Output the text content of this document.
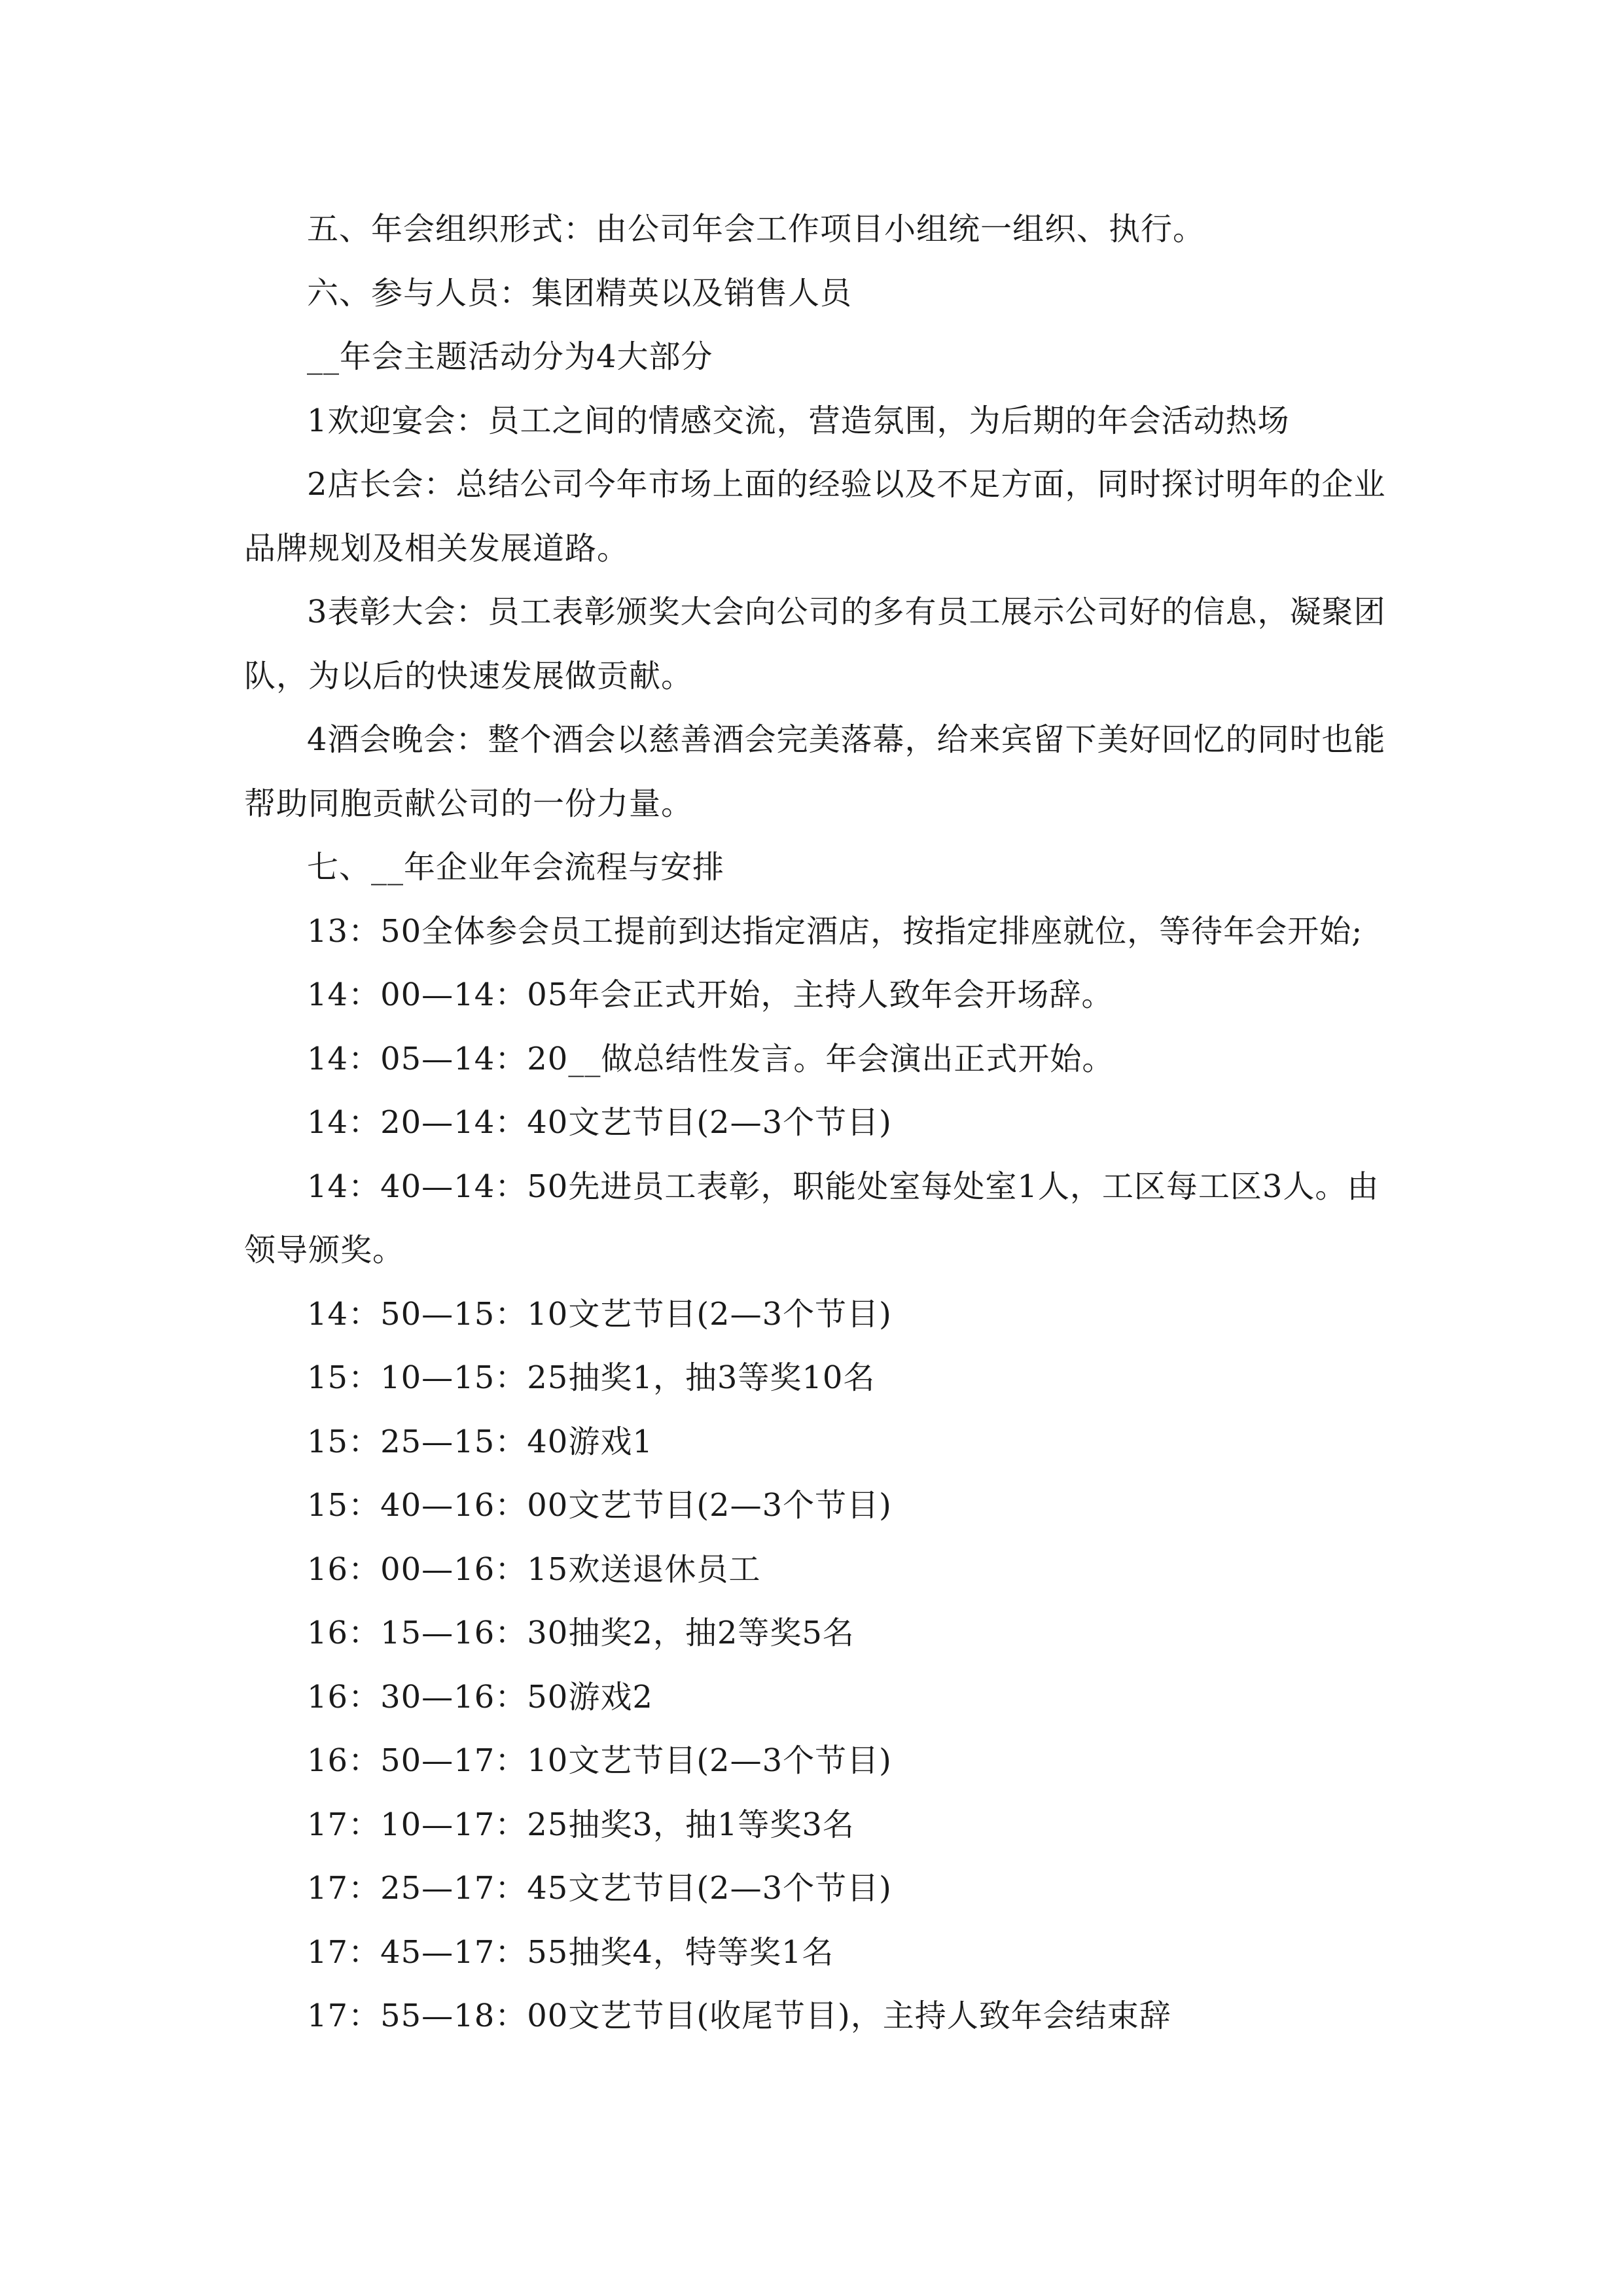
五、年会组织形式：由公司年会工作项目小组统一组织、执行。

六、参与人员：集团精英以及销售人员

__年会主题活动分为4大部分

1欢迎宴会：员工之间的情感交流，营造氛围，为后期的年会活动热场

2店长会：总结公司今年市场上面的经验以及不足方面，同时探讨明年的企业品牌规划及相关发展道路。

3表彰大会：员工表彰颁奖大会向公司的多有员工展示公司好的信息，凝聚团队，为以后的快速发展做贡献。

4酒会晚会：整个酒会以慈善酒会完美落幕，给来宾留下美好回忆的同时也能帮助同胞贡献公司的一份力量。

七、__年企业年会流程与安排

13：50全体参会员工提前到达指定酒店，按指定排座就位，等待年会开始;

14：00—14：05年会正式开始，主持人致年会开场辞。

14：05—14：20__做总结性发言。年会演出正式开始。

14：20—14：40文艺节目(2—3个节目)

14：40—14：50先进员工表彰，职能处室每处室1人，工区每工区3人。由领导颁奖。

14：50—15：10文艺节目(2—3个节目)

15：10—15：25抽奖1，抽3等奖10名

15：25—15：40游戏1

15：40—16：00文艺节目(2—3个节目)

16：00—16：15欢送退休员工

16：15—16：30抽奖2，抽2等奖5名

16：30—16：50游戏2

16：50—17：10文艺节目(2—3个节目)

17：10—17：25抽奖3，抽1等奖3名

17：25—17：45文艺节目(2—3个节目)

17：45—17：55抽奖4，特等奖1名

17：55—18：00文艺节目(收尾节目)，主持人致年会结束辞
